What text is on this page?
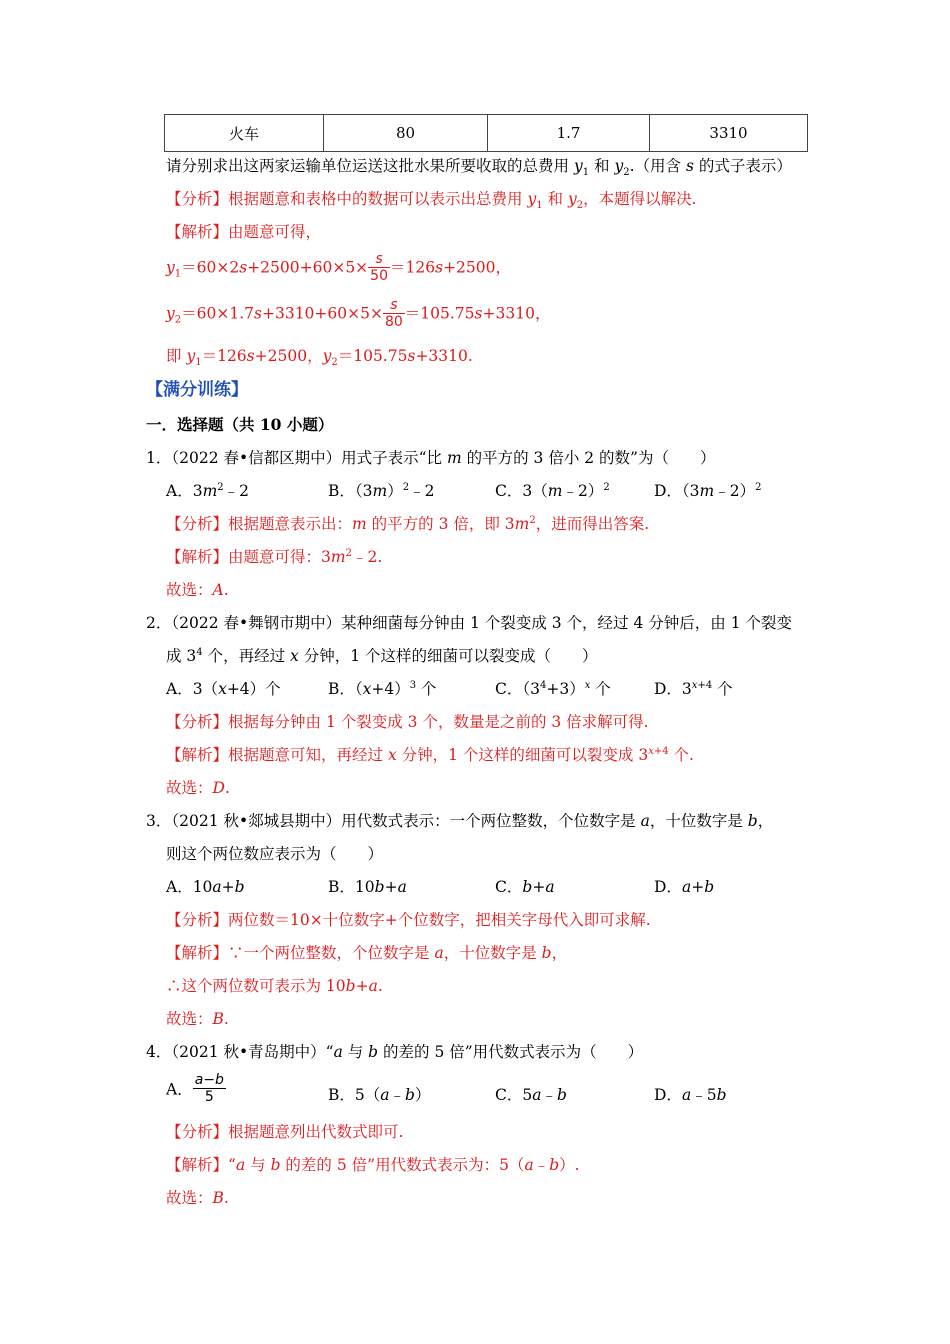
火车	80	1.7	3310
请分别求出这两家运输单位运送这批水果所要收取的总费用 $y_1$ 和 $y_2$.（用含 s 的式子表示）
【分析】根据题意和表格中的数据可以表示出总费用 $y_1$ 和 $y_2$，本题得以解决.
【解析】由题意可得，
$y_1=60\times 2s+2500+60\times 5\times \frac{s}{50} =126s+2500$，
$y_2=60\times 1.7s+3310+60\times 5\times \frac{s}{80} =105.75s+3310$，
即 $y_1=126s+2500$，$y_2=105.75s+3310$.
【满分训练】
一．选择题（共 10 小题）
1．（2022 春•信都区期中）用式子表示“比 m 的平方的 3 倍小 2 的数”为（　　）
A．$3m^2﹣2$	B．$(3m)^2﹣2$	C．3（m﹣2）$^2$	D．（3m﹣2）$^2$
【分析】根据题意表示出：m 的平方的 3 倍，即 $3m^2$，进而得出答案.
【解析】由题意可得：$3m^2﹣2$.
故选：A.
2．（2022 春•舞钢市期中）某种细菌每分钟由 1 个裂变成 3 个，经过 4 分钟后，由 1 个裂变
成 $3^4$ 个，再经过 x 分钟，1 个这样的细菌可以裂变成（　　）
A．3（x+4）个	B．$(x+4)^3$ 个	C．$(3^4+3)^x$ 个	D．$3^{x+4}$ 个
【分析】根据每分钟由 1 个裂变成 3 个，数量是之前的 3 倍求解可得.
【解析】根据题意可知，再经过 x 分钟，1 个这样的细菌可以裂变成 $3^{x+4}$ 个.
故选：D.
3．（2021 秋•郯城县期中）用代数式表示：一个两位整数，个位数字是 a，十位数字是 b，
则这个两位数应表示为（　　）
A．10a+b	B．10b+a	C．b+a	D．a+b
【分析】两位数＝10×十位数字+个位数字，把相关字母代入即可求解.
【解析】∵一个两位整数，个位数字是 a，十位数字是 b，
∴这个两位数可表示为 10b+a.
故选：B.
4．（2021 秋•青岛期中）“a 与 b 的差的 5 倍”用代数式表示为（　　）
A． $\frac{a-b}{5}$	B．5（a﹣b）	C．5a﹣b	D．a﹣5b
【分析】根据题意列出代数式即可.
【解析】“a 与 b 的差的 5 倍”用代数式表示为：5（a﹣b）.
故选：B.
